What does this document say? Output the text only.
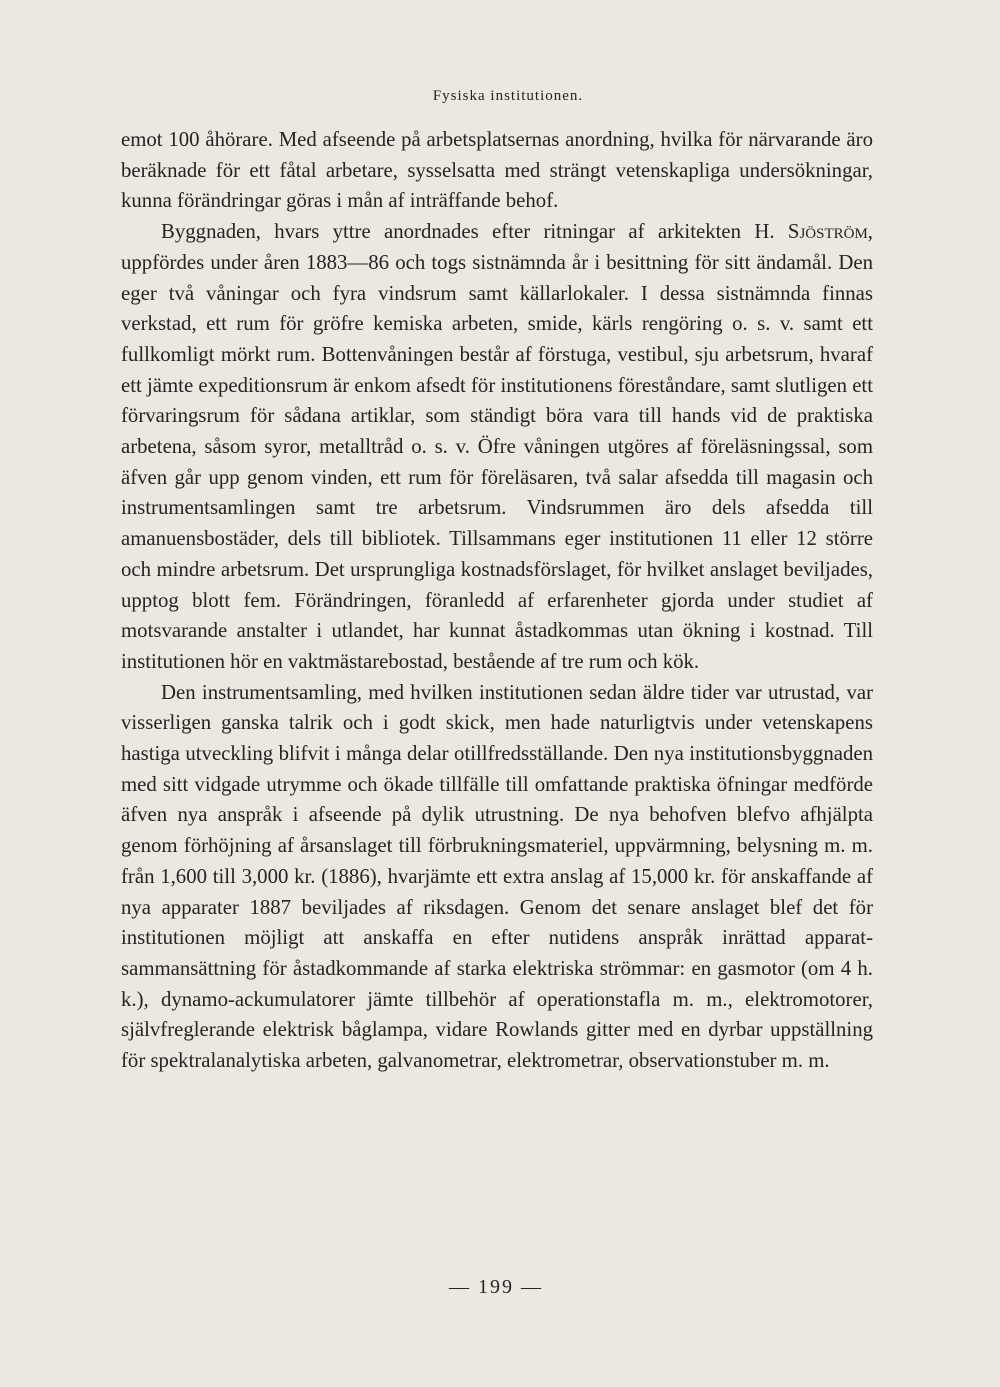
Fysiska institutionen.

emot 100 åhörare. Med afseende på arbetsplatsernas anordning, hvilka för närvarande äro beräknade för ett fåtal arbetare, sysselsatta med strängt vetenskapliga undersökningar, kunna förändringar göras i mån af inträffande behof.

Byggnaden, hvars yttre anordnades efter ritningar af arkitekten H. Sjöström, uppfördes under åren 1883—86 och togs sistnämnda år i besittning för sitt ändamål. Den eger två våningar och fyra vindsrum samt källarlokaler. I dessa sistnämnda finnas verkstad, ett rum för gröfre kemiska arbeten, smide, kärls rengöring o. s. v. samt ett fullkomligt mörkt rum. Bottenvåningen består af förstuga, vestibul, sju arbetsrum, hvaraf ett jämte expeditionsrum är enkom afsedt för institutionens föreståndare, samt slutligen ett förvaringsrum för sådana artiklar, som ständigt böra vara till hands vid de praktiska arbetena, såsom syror, metalltråd o. s. v. Öfre våningen utgöres af föreläsningssal, som äfven går upp genom vinden, ett rum för föreläsaren, två salar afsedda till magasin och instrumentsamlingen samt tre arbetsrum. Vindsrummen äro dels afsedda till amanuensbostäder, dels till bibliotek. Tillsammans eger institutionen 11 eller 12 större och mindre arbetsrum. Det ursprungliga kostnadsförslaget, för hvilket anslaget beviljades, upptog blott fem. Förändringen, föranledd af erfarenheter gjorda under studiet af motsvarande anstalter i utlandet, har kunnat åstadkommas utan ökning i kostnad. Till institutionen hör en vaktmästarebostad, bestående af tre rum och kök.

Den instrumentsamling, med hvilken institutionen sedan äldre tider var utrustad, var visserligen ganska talrik och i godt skick, men hade naturligtvis under vetenskapens hastiga utveckling blifvit i många delar otillfredsställande. Den nya institutionsbyggnaden med sitt vidgade utrymme och ökade tillfälle till omfattande praktiska öfningar medförde äfven nya anspråk i afseende på dylik utrustning. De nya behofven blefvo afhjälpta genom förhöjning af årsanslaget till förbrukningsmateriel, uppvärmning, belysning m. m. från 1,600 till 3,000 kr. (1886), hvarjämte ett extra anslag af 15,000 kr. för anskaffande af nya apparater 1887 beviljades af riksdagen. Genom det senare anslaget blef det för institutionen möjligt att anskaffa en efter nutidens anspråk inrättad apparat-sammansättning för åstadkommande af starka elektriska strömmar: en gasmotor (om 4 h. k.), dynamo-ackumulatorer jämte tillbehör af operationstafla m. m., elektromotorer, självfreglerande elektrisk båglampa, vidare Rowlands gitter med en dyrbar uppställning för spektralanalytiska arbeten, galvanometrar, elektrometrar, observationstuber m. m.

— 199 —
